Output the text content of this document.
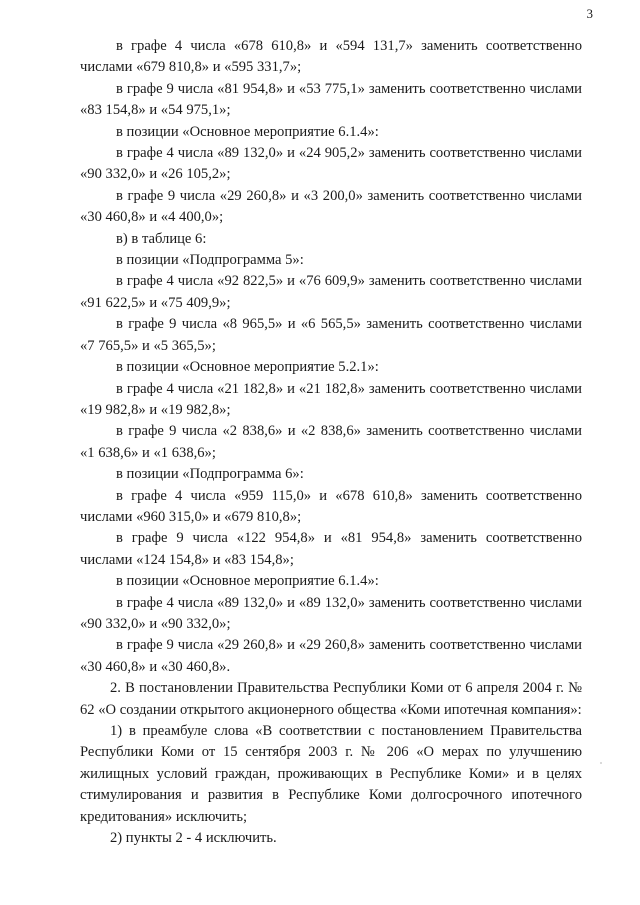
3

в графе 4 числа «678 610,8» и «594 131,7» заменить соответственно числами «679 810,8» и «595 331,7»;

в графе 9 числа «81 954,8» и «53 775,1» заменить соответственно числами «83 154,8» и «54 975,1»;

в позиции «Основное мероприятие 6.1.4»:

в графе 4 числа «89 132,0» и «24 905,2» заменить соответственно числами «90 332,0» и «26 105,2»;

в графе 9 числа «29 260,8» и «3 200,0» заменить соответственно числами «30 460,8» и «4 400,0»;

в) в таблице 6:

в позиции «Подпрограмма 5»:

в графе 4 числа «92 822,5» и «76 609,9» заменить соответственно числами «91 622,5» и «75 409,9»;

в графе 9 числа «8 965,5» и «6 565,5» заменить соответственно числами «7 765,5» и «5 365,5»;

в позиции «Основное мероприятие 5.2.1»:

в графе 4 числа «21 182,8» и «21 182,8» заменить соответственно числами «19 982,8» и «19 982,8»;

в графе 9 числа «2 838,6» и «2 838,6» заменить соответственно числами «1 638,6» и «1 638,6»;

в позиции «Подпрограмма 6»:

в графе 4 числа «959 115,0» и «678 610,8» заменить соответственно числами «960 315,0» и «679 810,8»;

в графе 9 числа «122 954,8» и «81 954,8» заменить соответственно числами «124 154,8» и «83 154,8»;

в позиции «Основное мероприятие 6.1.4»:

в графе 4 числа «89 132,0» и «89 132,0» заменить соответственно числами «90 332,0» и «90 332,0»;

в графе 9 числа «29 260,8» и «29 260,8» заменить соответственно числами «30 460,8» и «30 460,8».

2. В постановлении Правительства Республики Коми от 6 апреля 2004 г. № 62 «О создании открытого акционерного общества «Коми ипотечная компания»:

1) в преамбуле слова «В соответствии с постановлением Правительства Республики Коми от 15 сентября 2003 г. № 206 «О мерах по улучшению жилищных условий граждан, проживающих в Республике Коми» и в целях стимулирования и развития в Республике Коми долгосрочного ипотечного кредитования» исключить;

2) пункты 2 - 4 исключить.
